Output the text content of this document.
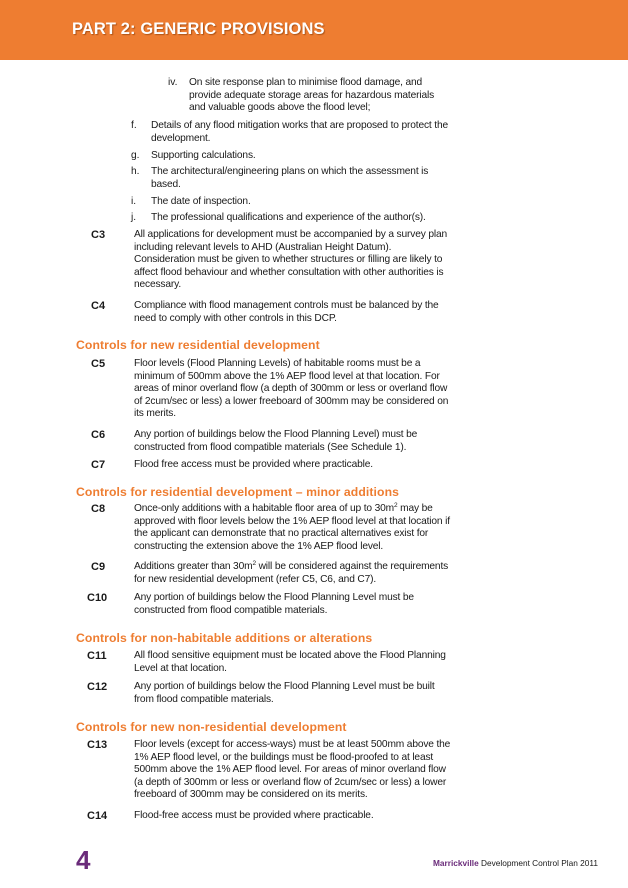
PART 2: GENERIC PROVISIONS
iv. On site response plan to minimise flood damage, and
provide adequate storage areas for hazardous materials
and valuable goods above the flood level;
f. Details of any flood mitigation works that are proposed to protect the
development.
g. Supporting calculations.
h. The architectural/engineering plans on which the assessment is
based.
i. The date of inspection.
j. The professional qualifications and experience of the author(s).
C3	All applications for development must be accompanied by a survey plan
including relevant levels to AHD (Australian Height Datum).
Consideration must be given to whether structures or filling are likely to
affect flood behaviour and whether consultation with other authorities is
necessary.
C4	Compliance with flood management controls must be balanced by the
need to comply with other controls in this DCP.
Controls for new residential development
C5	Floor levels (Flood Planning Levels) of habitable rooms must be a
minimum of 500mm above the 1% AEP flood level at that location. For
areas of minor overland flow (a depth of 300mm or less or overland flow
of 2cum/sec or less) a lower freeboard of 300mm may be considered on
its merits.
C6	Any portion of buildings below the Flood Planning Level) must be
constructed from flood compatible materials (See Schedule 1).
C7	Flood free access must be provided where practicable.
Controls for residential development – minor additions
C8	Once-only additions with a habitable floor area of up to $30m^2$ may be
approved with floor levels below the 1% AEP flood level at that location if
the applicant can demonstrate that no practical alternatives exist for
constructing the extension above the 1% AEP flood level.
C9	Additions greater than $30m^2$ will be considered against the requirements
for new residential development (refer C5, C6, and C7).
C10	Any portion of buildings below the Flood Planning Level must be
constructed from flood compatible materials.
Controls for non-habitable additions or alterations
C11	All flood sensitive equipment must be located above the Flood Planning
Level at that location.
C12	Any portion of buildings below the Flood Planning Level must be built
from flood compatible materials.
Controls for new non-residential development
C13	Floor levels (except for access-ways) must be at least 500mm above the
1% AEP flood level, or the buildings must be flood-proofed to at least
500mm above the 1% AEP flood level. For areas of minor overland flow
(a depth of 300mm or less or overland flow of 2cum/sec or less) a lower
freeboard of 300mm may be considered on its merits.
C14	Flood-free access must be provided where practicable.
4	Marrickville Development Control Plan 2011
